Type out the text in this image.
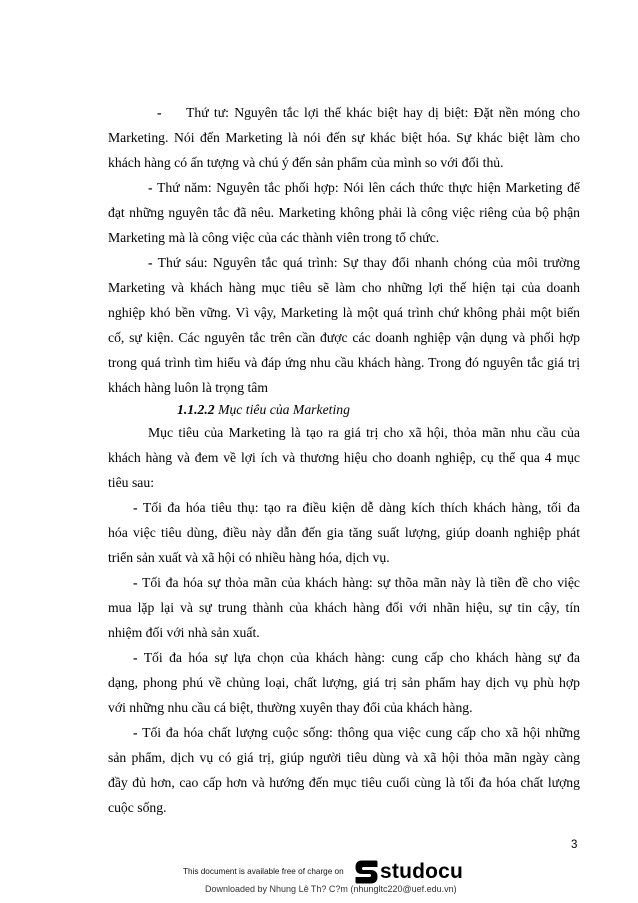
- Thứ tư: Nguyên tắc lợi thế khác biệt hay dị biệt: Đặt nền móng cho
Marketing. Nói đến Marketing là nói đến sự khác biệt hóa. Sự khác biệt làm cho
khách hàng có ấn tượng và chú ý đến sản phẩm của mình so với đối thủ.
- Thứ năm: Nguyên tắc phối hợp: Nói lên cách thức thực hiện Marketing để
đạt những nguyên tắc đã nêu. Marketing không phải là công việc riêng của bộ phận
Marketing mà là công việc của các thành viên trong tổ chức.
- Thứ sáu: Nguyên tắc quá trình: Sự thay đổi nhanh chóng của môi trường
Marketing và khách hàng mục tiêu sẽ làm cho những lợi thế hiện tại của doanh
nghiệp khó bền vững. Vì vậy, Marketing là một quá trình chứ không phải một biến
cố, sự kiện. Các nguyên tắc trên cần được các doanh nghiệp vận dụng và phối hợp
trong quá trình tìm hiểu và đáp ứng nhu cầu khách hàng. Trong đó nguyên tắc giá trị
khách hàng luôn là trọng tâm
1.1.2.2 Mục tiêu của Marketing
Mục tiêu của Marketing là tạo ra giá trị cho xã hội, thỏa mãn nhu cầu của
khách hàng và đem về lợi ích và thương hiệu cho doanh nghiệp, cụ thể qua 4 mục
tiêu sau:
- Tối đa hóa tiêu thụ: tạo ra điều kiện dễ dàng kích thích khách hàng, tối đa
hóa việc tiêu dùng, điều này dẫn đến gia tăng suất lượng, giúp doanh nghiệp phát
triển sản xuất và xã hội có nhiều hàng hóa, dịch vụ.
- Tối đa hóa sự thỏa mãn của khách hàng: sự thõa mãn này là tiền đề cho việc
mua lặp lại và sự trung thành của khách hàng đối với nhãn hiệu, sự tin cậy, tín
nhiệm đối với nhà sản xuất.
- Tối đa hóa sự lựa chọn của khách hàng: cung cấp cho khách hàng sự đa
dạng, phong phú về chủng loại, chất lượng, giá trị sản phẩm hay dịch vụ phù hợp
với những nhu cầu cá biệt, thường xuyên thay đổi của khách hàng.
- Tối đa hóa chất lượng cuộc sống: thông qua việc cung cấp cho xã hội những
sản phẩm, dịch vụ có giá trị, giúp người tiêu dùng và xã hội thỏa mãn ngày càng
đầy đủ hơn, cao cấp hơn và hướng đến mục tiêu cuối cùng là tối đa hóa chất lượng
cuộc sống.
3
This document is available free of charge on studocu
Downloaded by Nhung Lê Th? C?m (nhungltc220@uef.edu.vn)
